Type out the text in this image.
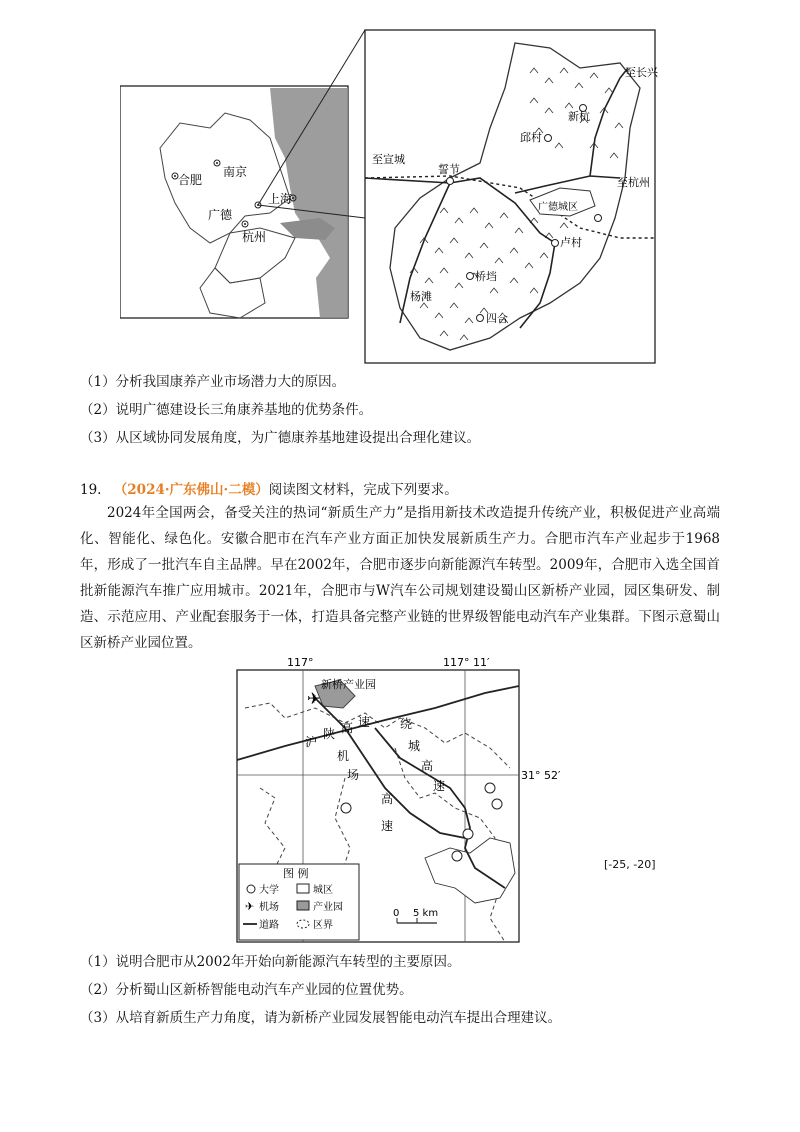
合肥
南京
上海
广德
杭州
至长兴
新杭
邱村
至宣城
誓节
至杭州
广德城区
卢村
杨滩
桥垱
四合
（1）分析我国康养产业市场潜力大的原因。
（2）说明广德建设长三角康养基地的优势条件。
（3）从区域协同发展角度，为广德康养基地建设提出合理化建议。
19. （2024·广东佛山·二模）阅读图文材料，完成下列要求。
2024年全国两会，备受关注的热词“新质生产力”是指用新技术改造提升传统产业，积极促进产业高端化、智能化、绿色化。安徽合肥市在汽车产业方面正加快发展新质生产力。合肥市汽车产业起步于1968年，形成了一批汽车自主品牌。早在2002年，合肥市逐步向新能源汽车转型。2009年，合肥市入选全国首批新能源汽车推广应用城市。2021年，合肥市与W汽车公司规划建设蜀山区新桥产业园，园区集研发、制造、示范应用、产业配套服务于一体，打造具备完整产业链的世界级智能电动汽车产业集群。下图示意蜀山区新桥产业园位置。
117°	117° 11′
31° 52′
新桥产业园
✈
沪
陕 高 速 绕
城
高
速
机
场
高
速
图 例
大学	城区
✈ 机场	产业园
道路	区界
0 5 km
[-25, -20]
（1）说明合肥市从2002年开始向新能源汽车转型的主要原因。
（2）分析蜀山区新桥智能电动汽车产业园的位置优势。
（3）从培育新质生产力角度，请为新桥产业园发展智能电动汽车提出合理建议。
